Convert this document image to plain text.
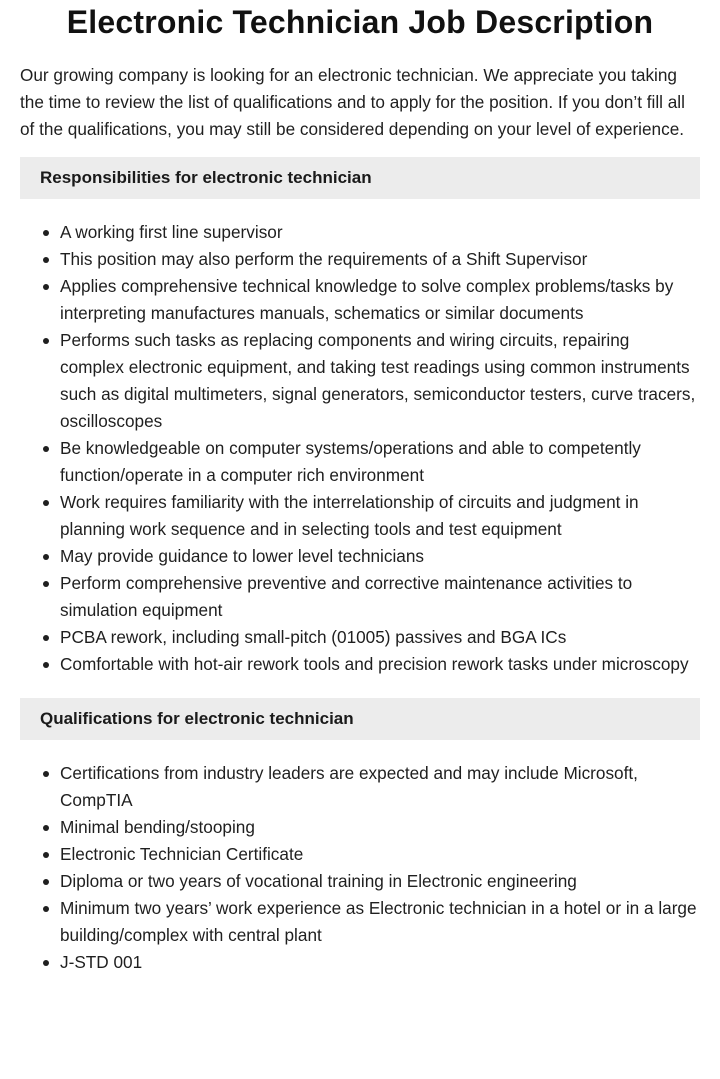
Electronic Technician Job Description

Our growing company is looking for an electronic technician. We appreciate you taking the time to review the list of qualifications and to apply for the position. If you don’t fill all of the qualifications, you may still be considered depending on your level of experience.

Responsibilities for electronic technician
A working first line supervisor
This position may also perform the requirements of a Shift Supervisor
Applies comprehensive technical knowledge to solve complex problems/tasks by interpreting manufactures manuals, schematics or similar documents
Performs such tasks as replacing components and wiring circuits, repairing complex electronic equipment, and taking test readings using common instruments such as digital multimeters, signal generators, semiconductor testers, curve tracers, oscilloscopes
Be knowledgeable on computer systems/operations and able to competently function/operate in a computer rich environment
Work requires familiarity with the interrelationship of circuits and judgment in planning work sequence and in selecting tools and test equipment
May provide guidance to lower level technicians
Perform comprehensive preventive and corrective maintenance activities to simulation equipment
PCBA rework, including small-pitch (01005) passives and BGA ICs
Comfortable with hot-air rework tools and precision rework tasks under microscopy
Qualifications for electronic technician
Certifications from industry leaders are expected and may include Microsoft, CompTIA
Minimal bending/stooping
Electronic Technician Certificate
Diploma or two years of vocational training in Electronic engineering
Minimum two years’ work experience as Electronic technician in a hotel or in a large building/complex with central plant
J-STD 001
